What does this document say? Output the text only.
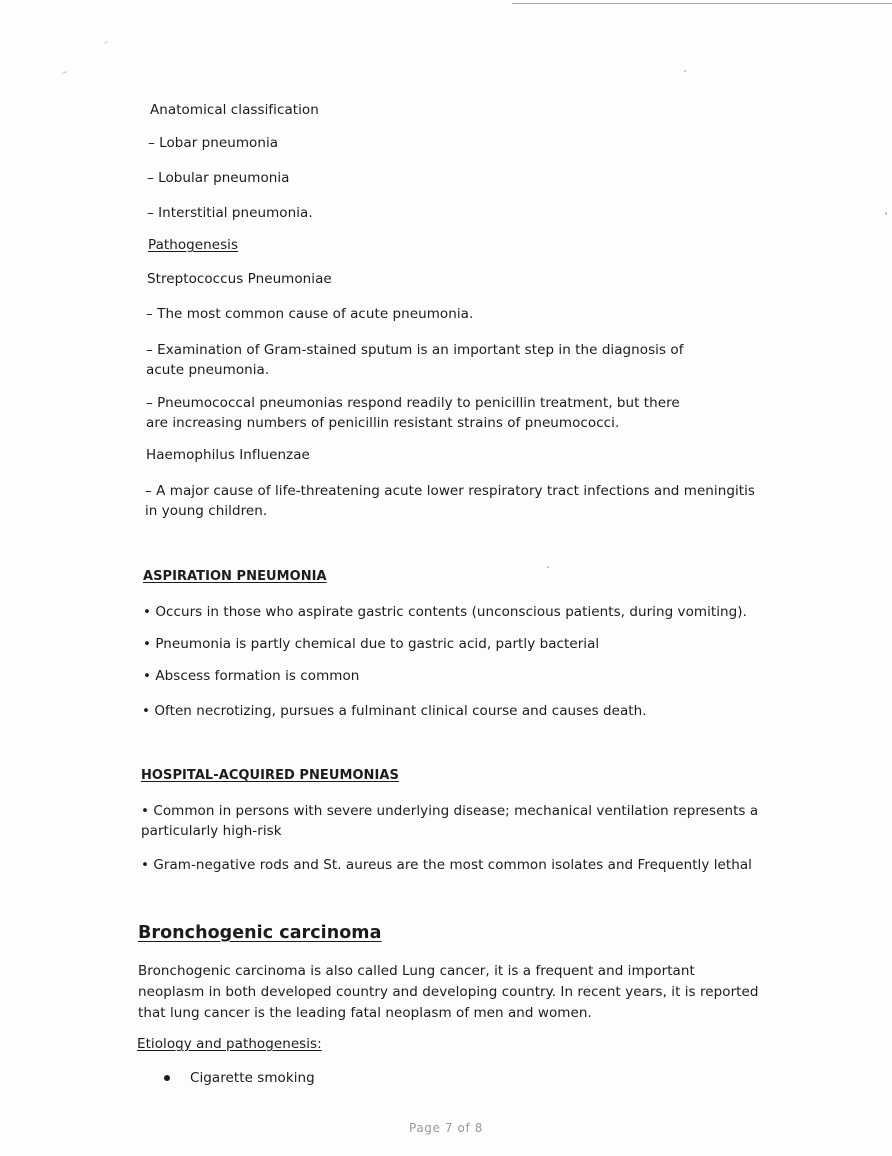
Anatomical classification

– Lobar pneumonia

– Lobular pneumonia

– Interstitial pneumonia.

Pathogenesis

Streptococcus Pneumoniae

– The most common cause of acute pneumonia.

– Examination of Gram-stained sputum is an important step in the diagnosis of acute pneumonia.

– Pneumococcal pneumonias respond readily to penicillin treatment, but there are increasing numbers of penicillin resistant strains of pneumococci.

Haemophilus Influenzae

– A major cause of life-threatening acute lower respiratory tract infections and meningitis in young children.

ASPIRATION PNEUMONIA

• Occurs in those who aspirate gastric contents (unconscious patients, during vomiting).

• Pneumonia is partly chemical due to gastric acid, partly bacterial

• Abscess formation is common

• Often necrotizing, pursues a fulminant clinical course and causes death.

HOSPITAL-ACQUIRED PNEUMONIAS

• Common in persons with severe underlying disease; mechanical ventilation represents a particularly high-risk

• Gram-negative rods and St. aureus are the most common isolates and Frequently lethal

Bronchogenic carcinoma

Bronchogenic carcinoma is also called Lung cancer, it is a frequent and important neoplasm in both developed country and developing country. In recent years, it is reported that lung cancer is the leading fatal neoplasm of men and women.

Etiology and pathogenesis:

Cigarette smoking

Page 7 of 8
